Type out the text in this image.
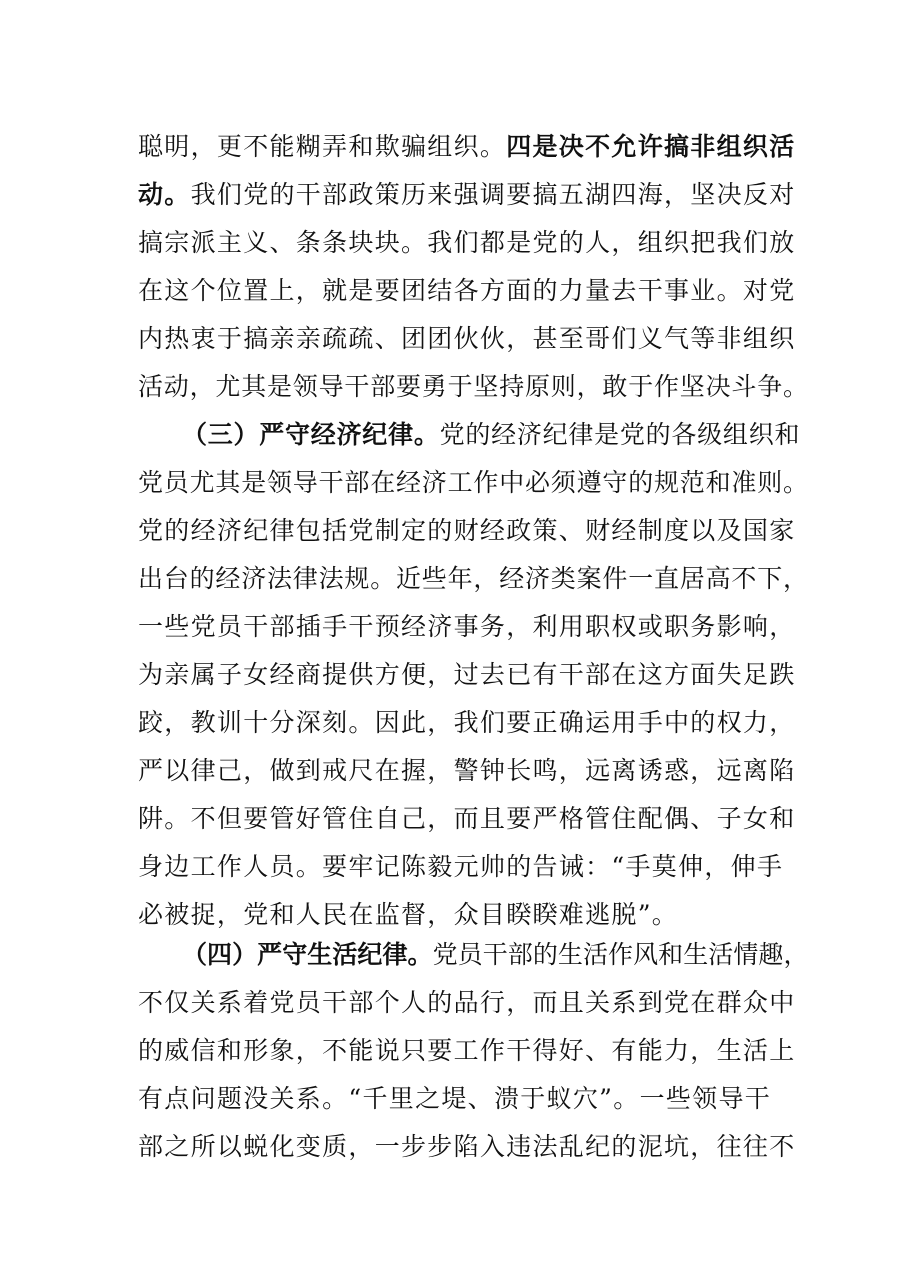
聪明，更不能糊弄和欺骗组织。四是决不允许搞非组织活
动。我们党的干部政策历来强调要搞五湖四海，坚决反对
搞宗派主义、条条块块。我们都是党的人，组织把我们放
在这个位置上，就是要团结各方面的力量去干事业。对党
内热衷于搞亲亲疏疏、团团伙伙，甚至哥们义气等非组织
活动，尤其是领导干部要勇于坚持原则，敢于作坚决斗争。
（三）严守经济纪律。党的经济纪律是党的各级组织和
党员尤其是领导干部在经济工作中必须遵守的规范和准则。
党的经济纪律包括党制定的财经政策、财经制度以及国家
出台的经济法律法规。近些年，经济类案件一直居高不下，
一些党员干部插手干预经济事务，利用职权或职务影响，
为亲属子女经商提供方便，过去已有干部在这方面失足跌
跤，教训十分深刻。因此，我们要正确运用手中的权力，
严以律己，做到戒尺在握，警钟长鸣，远离诱惑，远离陷
阱。不但要管好管住自己，而且要严格管住配偶、子女和
身边工作人员。要牢记陈毅元帅的告诫：“手莫伸，伸手
必被捉，党和人民在监督，众目睽睽难逃脱”。
（四）严守生活纪律。党员干部的生活作风和生活情趣，
不仅关系着党员干部个人的品行，而且关系到党在群众中
的威信和形象，不能说只要工作干得好、有能力，生活上
有点问题没关系。“千里之堤、溃于蚁穴”。一些领导干
部之所以蜕化变质，一步步陷入违法乱纪的泥坑，往往不
